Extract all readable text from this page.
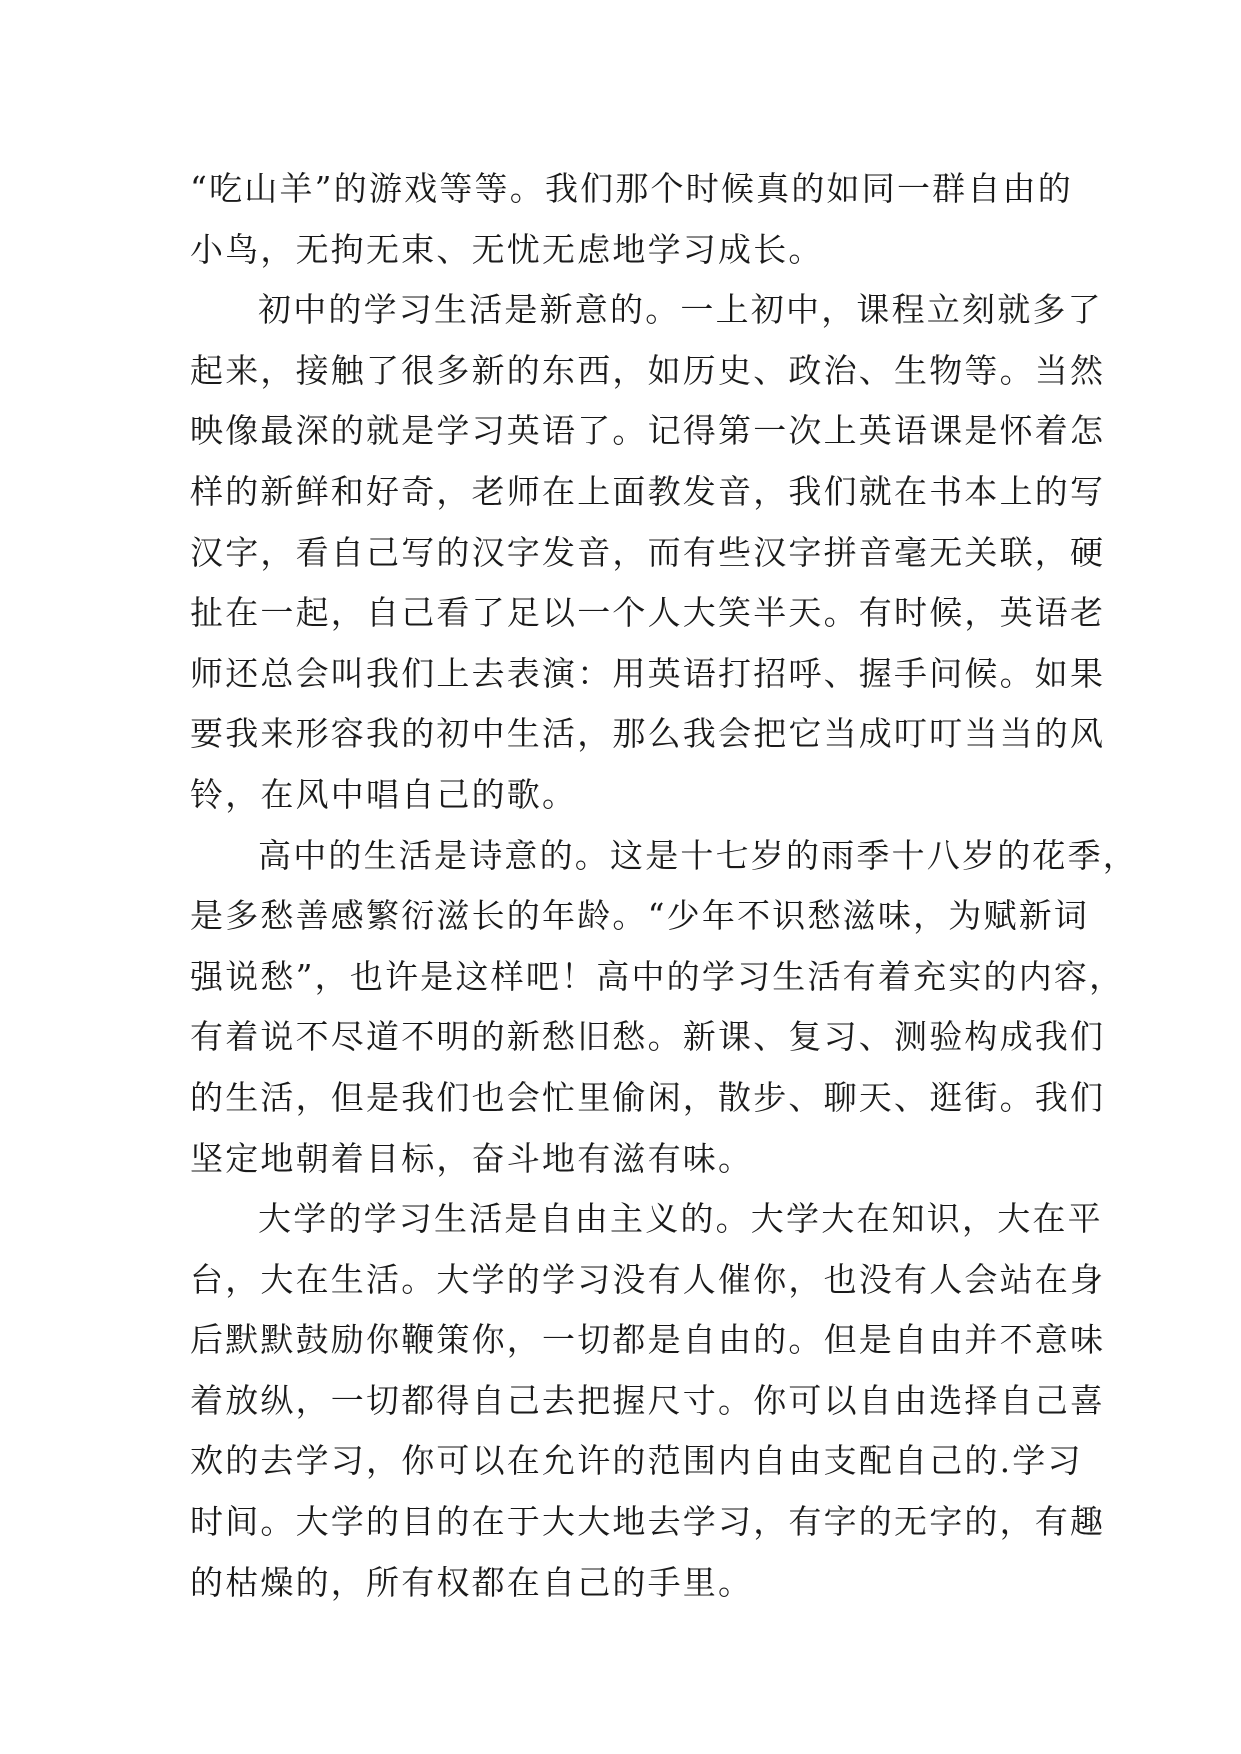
“吃山羊”的游戏等等。我们那个时候真的如同一群自由的
小鸟，无拘无束、无忧无虑地学习成长。
初中的学习生活是新意的。一上初中，课程立刻就多了
起来，接触了很多新的东西，如历史、政治、生物等。当然
映像最深的就是学习英语了。记得第一次上英语课是怀着怎
样的新鲜和好奇，老师在上面教发音，我们就在书本上的写
汉字，看自己写的汉字发音，而有些汉字拼音毫无关联，硬
扯在一起，自己看了足以一个人大笑半天。有时候，英语老
师还总会叫我们上去表演：用英语打招呼、握手问候。如果
要我来形容我的初中生活，那么我会把它当成叮叮当当的风
铃，在风中唱自己的歌。
高中的生活是诗意的。这是十七岁的雨季十八岁的花季，
是多愁善感繁衍滋长的年龄。“少年不识愁滋味，为赋新词
强说愁”，也许是这样吧！高中的学习生活有着充实的内容，
有着说不尽道不明的新愁旧愁。新课、复习、测验构成我们
的生活，但是我们也会忙里偷闲，散步、聊天、逛街。我们
坚定地朝着目标，奋斗地有滋有味。
大学的学习生活是自由主义的。大学大在知识，大在平
台，大在生活。大学的学习没有人催你，也没有人会站在身
后默默鼓励你鞭策你，一切都是自由的。但是自由并不意味
着放纵，一切都得自己去把握尺寸。你可以自由选择自己喜
欢的去学习，你可以在允许的范围内自由支配自己的.学习
时间。大学的目的在于大大地去学习，有字的无字的，有趣
的枯燥的，所有权都在自己的手里。
